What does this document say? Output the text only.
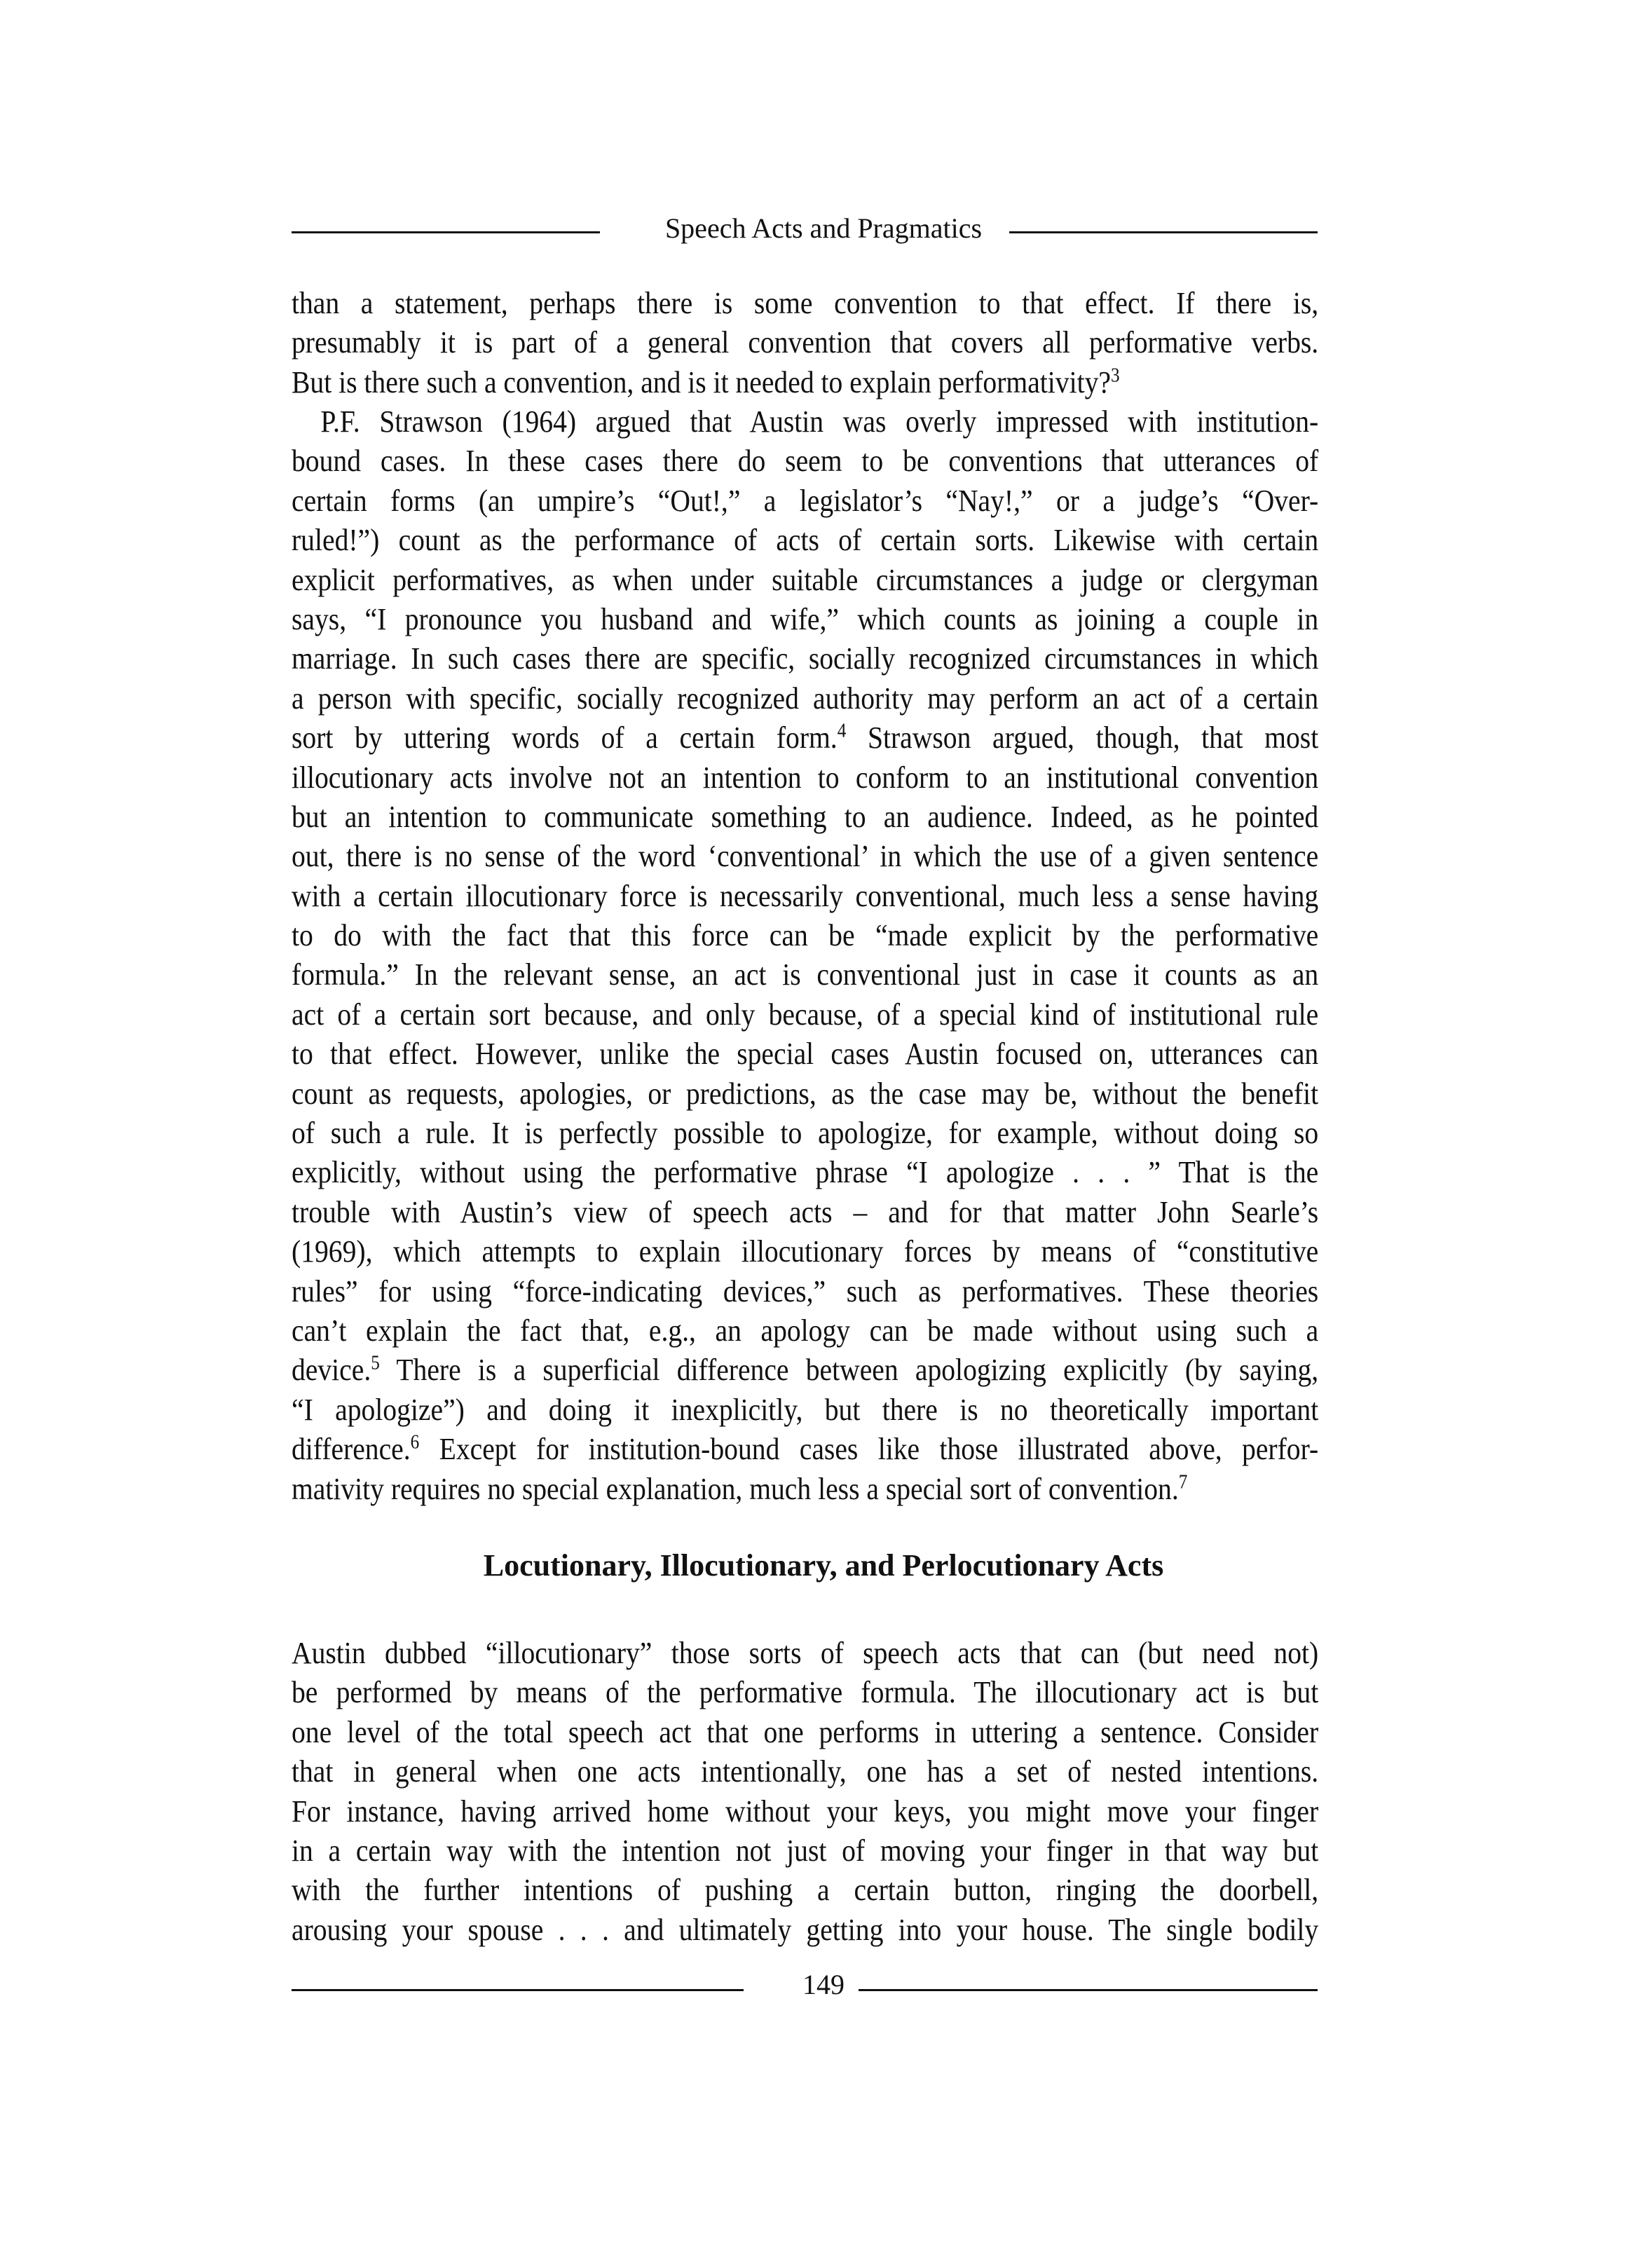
Speech Acts and Pragmatics
than a statement, perhaps there is some convention to that effect. If there is,
presumably it is part of a general convention that covers all performative verbs.
But is there such a convention, and is it needed to explain performativity?$^3$
P.F. Strawson (1964) argued that Austin was overly impressed with institution-
bound cases. In these cases there do seem to be conventions that utterances of
certain forms (an umpire’s “Out!,” a legislator’s “Nay!,” or a judge’s “Over-
ruled!”) count as the performance of acts of certain sorts. Likewise with certain
explicit performatives, as when under suitable circumstances a judge or clergyman
says, “I pronounce you husband and wife,” which counts as joining a couple in
marriage. In such cases there are specific, socially recognized circumstances in which
a person with specific, socially recognized authority may perform an act of a certain
sort by uttering words of a certain form.$^4$ Strawson argued, though, that most
illocutionary acts involve not an intention to conform to an institutional convention
but an intention to communicate something to an audience. Indeed, as he pointed
out, there is no sense of the word ‘conventional’ in which the use of a given sentence
with a certain illocutionary force is necessarily conventional, much less a sense having
to do with the fact that this force can be “made explicit by the performative
formula.” In the relevant sense, an act is conventional just in case it counts as an
act of a certain sort because, and only because, of a special kind of institutional rule
to that effect. However, unlike the special cases Austin focused on, utterances can
count as requests, apologies, or predictions, as the case may be, without the benefit
of such a rule. It is perfectly possible to apologize, for example, without doing so
explicitly, without using the performative phrase “I apologize . . . ” That is the
trouble with Austin’s view of speech acts – and for that matter John Searle’s
(1969), which attempts to explain illocutionary forces by means of “constitutive
rules” for using “force-indicating devices,” such as performatives. These theories
can’t explain the fact that, e.g., an apology can be made without using such a
device.$^5$ There is a superficial difference between apologizing explicitly (by saying,
“I apologize”) and doing it inexplicitly, but there is no theoretically important
difference.$^6$ Except for institution-bound cases like those illustrated above, perfor-
mativity requires no special explanation, much less a special sort of convention.$^7$
Locutionary, Illocutionary, and Perlocutionary Acts
Austin dubbed “illocutionary” those sorts of speech acts that can (but need not)
be performed by means of the performative formula. The illocutionary act is but
one level of the total speech act that one performs in uttering a sentence. Consider
that in general when one acts intentionally, one has a set of nested intentions.
For instance, having arrived home without your keys, you might move your finger
in a certain way with the intention not just of moving your finger in that way but
with the further intentions of pushing a certain button, ringing the doorbell,
arousing your spouse . . . and ultimately getting into your house. The single bodily
149
